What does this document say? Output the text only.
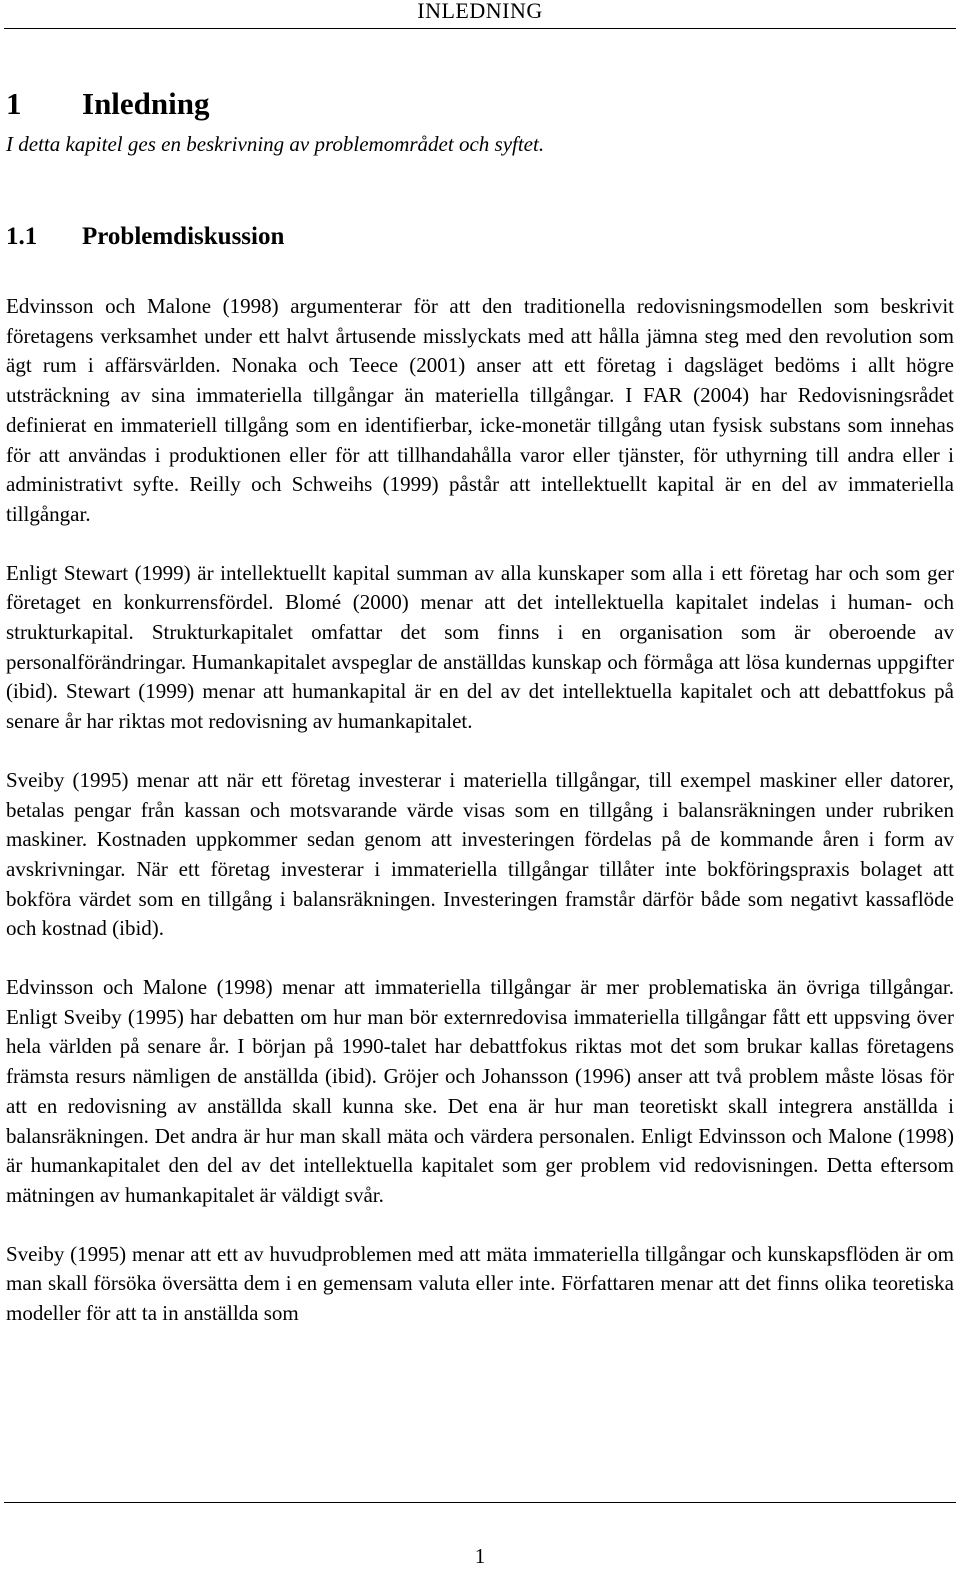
INLEDNING
1 Inledning
I detta kapitel ges en beskrivning av problemområdet och syftet.
1.1 Problemdiskussion

Edvinsson och Malone (1998) argumenterar för att den traditionella redovisningsmodellen som beskrivit företagens verksamhet under ett halvt årtusende misslyckats med att hålla jämna steg med den revolution som ägt rum i affärsvärlden. Nonaka och Teece (2001) anser att ett företag i dagsläget bedöms i allt högre utsträckning av sina immateriella tillgångar än materiella tillgångar. I FAR (2004) har Redovisningsrådet definierat en immateriell tillgång som en identifierbar, icke-monetär tillgång utan fysisk substans som innehas för att användas i produktionen eller för att tillhandahålla varor eller tjänster, för uthyrning till andra eller i administrativt syfte. Reilly och Schweihs (1999) påstår att intellektuellt kapital är en del av immateriella tillgångar.

Enligt Stewart (1999) är intellektuellt kapital summan av alla kunskaper som alla i ett företag har och som ger företaget en konkurrensfördel. Blomé (2000) menar att det intellektuella kapitalet indelas i human- och strukturkapital. Strukturkapitalet omfattar det som finns i en organisation som är oberoende av personalförändringar. Humankapitalet avspeglar de anställdas kunskap och förmåga att lösa kundernas uppgifter (ibid). Stewart (1999) menar att humankapital är en del av det intellektuella kapitalet och att debattfokus på senare år har riktas mot redovisning av humankapitalet.

Sveiby (1995) menar att när ett företag investerar i materiella tillgångar, till exempel maskiner eller datorer, betalas pengar från kassan och motsvarande värde visas som en tillgång i balansräkningen under rubriken maskiner. Kostnaden uppkommer sedan genom att investeringen fördelas på de kommande åren i form av avskrivningar. När ett företag investerar i immateriella tillgångar tillåter inte bokföringspraxis bolaget att bokföra värdet som en tillgång i balansräkningen. Investeringen framstår därför både som negativt kassaflöde och kostnad (ibid).

Edvinsson och Malone (1998) menar att immateriella tillgångar är mer problematiska än övriga tillgångar. Enligt Sveiby (1995) har debatten om hur man bör externredovisa immateriella tillgångar fått ett uppsving över hela världen på senare år. I början på 1990-talet har debattfokus riktas mot det som brukar kallas företagens främsta resurs nämligen de anställda (ibid). Gröjer och Johansson (1996) anser att två problem måste lösas för att en redovisning av anställda skall kunna ske. Det ena är hur man teoretiskt skall integrera anställda i balansräkningen. Det andra är hur man skall mäta och värdera personalen. Enligt Edvinsson och Malone (1998) är humankapitalet den del av det intellektuella kapitalet som ger problem vid redovisningen. Detta eftersom mätningen av humankapitalet är väldigt svår.

Sveiby (1995) menar att ett av huvudproblemen med att mäta immateriella tillgångar och kunskapsflöden är om man skall försöka översätta dem i en gemensam valuta eller inte. Författaren menar att det finns olika teoretiska modeller för att ta in anställda som

1
